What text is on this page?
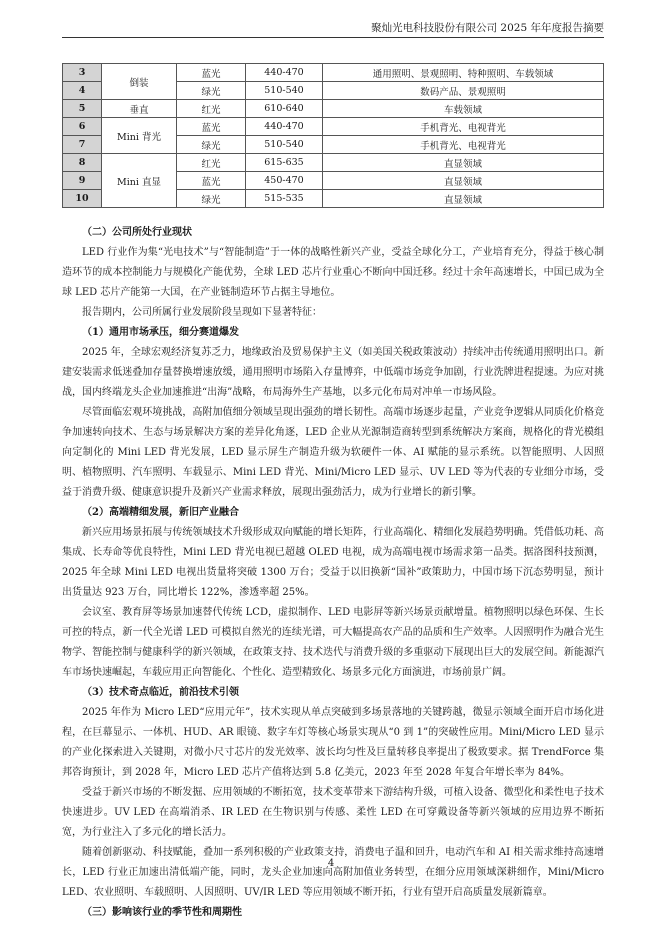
聚灿光电科技股份有限公司 2025 年年度报告摘要
3	倒装	蓝光	440-470	通用照明、景观照明、特种照明、车载领域
4		绿光	510-540	数码产品、景观照明
5	垂直	红光	610-640	车载领域
6	Mini 背光	蓝光	440-470	手机背光、电视背光
7		绿光	510-540	手机背光、电视背光
8	Mini 直显	红光	615-635	直显领域
9		蓝光	450-470	直显领域
10		绿光	515-535	直显领域
（二）公司所处行业现状

LED 行业作为集“光电技术”与“智能制造”于一体的战略性新兴产业，受益全球化分工，产业培育充分，得益于核心制造环节的成本控制能力与规模化产能优势，全球 LED 芯片行业重心不断向中国迁移。经过十余年高速增长，中国已成为全球 LED 芯片产能第一大国，在产业链制造环节占据主导地位。

报告期内，公司所属行业发展阶段呈现如下显著特征：

（1）通用市场承压，细分赛道爆发

2025 年，全球宏观经济复苏乏力，地缘政治及贸易保护主义（如美国关税政策波动）持续冲击传统通用照明出口。新建安装需求低迷叠加存量替换增速放缓，通用照明市场陷入存量博弈，中低端市场竞争加剧，行业洗牌进程提速。为应对挑战，国内终端龙头企业加速推进“出海”战略，布局海外生产基地，以多元化布局对冲单一市场风险。

尽管面临宏观环境挑战，高附加值细分领域呈现出强劲的增长韧性。高端市场逐步起量，产业竞争逻辑从同质化价格竞争加速转向技术、生态与场景解决方案的差异化角逐，LED 企业从光源制造商转型到系统解决方案商，规格化的背光模组向定制化的 Mini LED 背光发展，LED 显示屏生产制造升级为软硬件一体、AI 赋能的显示系统。以智能照明、人因照明、植物照明、汽车照明、车载显示、Mini LED 背光、Mini/Micro LED 显示、UV LED 等为代表的专业细分市场，受益于消费升级、健康意识提升及新兴产业需求释放，展现出强劲活力，成为行业增长的新引擎。

（2）高端精细发展，新旧产业融合

新兴应用场景拓展与传统领域技术升级形成双向赋能的增长矩阵，行业高端化、精细化发展趋势明确。凭借低功耗、高集成、长寿命等优良特性，Mini LED 背光电视已超越 OLED 电视，成为高端电视市场需求第一品类。据洛图科技预测，2025 年全球 Mini LED 电视出货量将突破 1300 万台；受益于以旧换新“国补”政策助力，中国市场下沉态势明显，预计出货量达 923 万台，同比增长 122%，渗透率超 25%。

会议室、教育屏等场景加速替代传统 LCD，虚拟制作、LED 电影屏等新兴场景贡献增量。植物照明以绿色环保、生长可控的特点，新一代全光谱 LED 可模拟自然光的连续光谱，可大幅提高农产品的品质和生产效率。人因照明作为融合光生物学、智能控制与健康科学的新兴领域，在政策支持、技术迭代与消费升级的多重驱动下展现出巨大的发展空间。新能源汽车市场快速崛起，车载应用正向智能化、个性化、造型精致化、场景多元化方面演进，市场前景广阔。

（3）技术奇点临近，前沿技术引领

2025 年作为 Micro LED“应用元年”，技术实现从单点突破到多场景落地的关键跨越，微显示领域全面开启市场化进程，在巨幕显示、一体机、HUD、AR 眼镜、数字车灯等核心场景实现从“0 到 1”的突破性应用。Mini/Micro LED 显示的产业化探索进入关键期，对微小尺寸芯片的发光效率、波长均匀性及巨量转移良率提出了极致要求。据 TrendForce 集邦咨询预计，到 2028 年，Micro LED 芯片产值将达到 5.8 亿美元，2023 年至 2028 年复合年增长率为 84%。

受益于新兴市场的不断发掘、应用领域的不断拓宽，技术变革带来下游结构升级，可植入设备、微型化和柔性电子技术快速进步。UV LED 在高端消杀、IR LED 在生物识别与传感、柔性 LED 在可穿戴设备等新兴领域的应用边界不断拓宽，为行业注入了多元化的增长活力。

随着创新驱动、科技赋能，叠加一系列积极的产业政策支持，消费电子温和回升，电动汽车和 AI 相关需求维持高速增长，LED 行业正加速出清低端产能，同时，龙头企业加速向高附加值业务转型，在细分应用领域深耕细作，Mini/Micro LED、农业照明、车载照明、人因照明、UV/IR LED 等应用领域不断开拓，行业有望开启高质量发展新篇章。

（三）影响该行业的季节性和周期性
4
